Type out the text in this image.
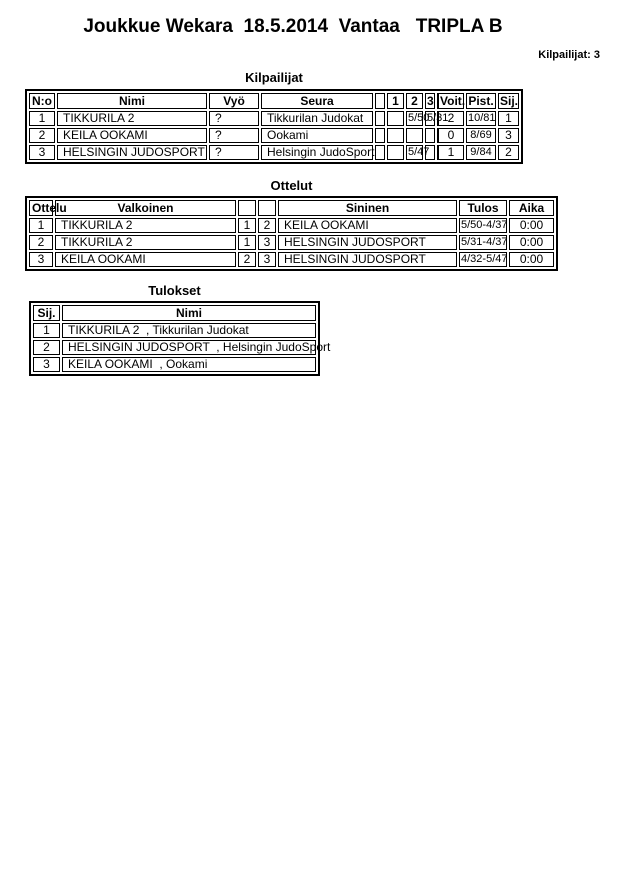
Joukkue Wekara  18.5.2014  Vantaa   TRIPLA B
Kilpailijat: 3
Kilpailijat
N:o	Nimi	Vyö	Seura		1	2	3	Voit.	Pist.	Sij.
1	TIKKURILA 2	?	Tikkurilan Judokat			5/50	5/31	2	10/81	1
2	KEILA OOKAMI	?	Ookami					0	8/69	3
3	HELSINGIN JUDOSPORT	?	Helsingin JudoSport			5/47		1	9/84	2
Ottelut
Ottelu	Valkoinen			Sininen	Tulos	Aika
1	TIKKURILA 2	1	2	KEILA OOKAMI	5/50-4/37	0:00
2	TIKKURILA 2	1	3	HELSINGIN JUDOSPORT	5/31-4/37	0:00
3	KEILA OOKAMI	2	3	HELSINGIN JUDOSPORT	4/32-5/47	0:00
Tulokset
Sij.	Nimi
1	TIKKURILA 2  , Tikkurilan Judokat
2	HELSINGIN JUDOSPORT  , Helsingin JudoSport
3	KEILA OOKAMI  , Ookami
